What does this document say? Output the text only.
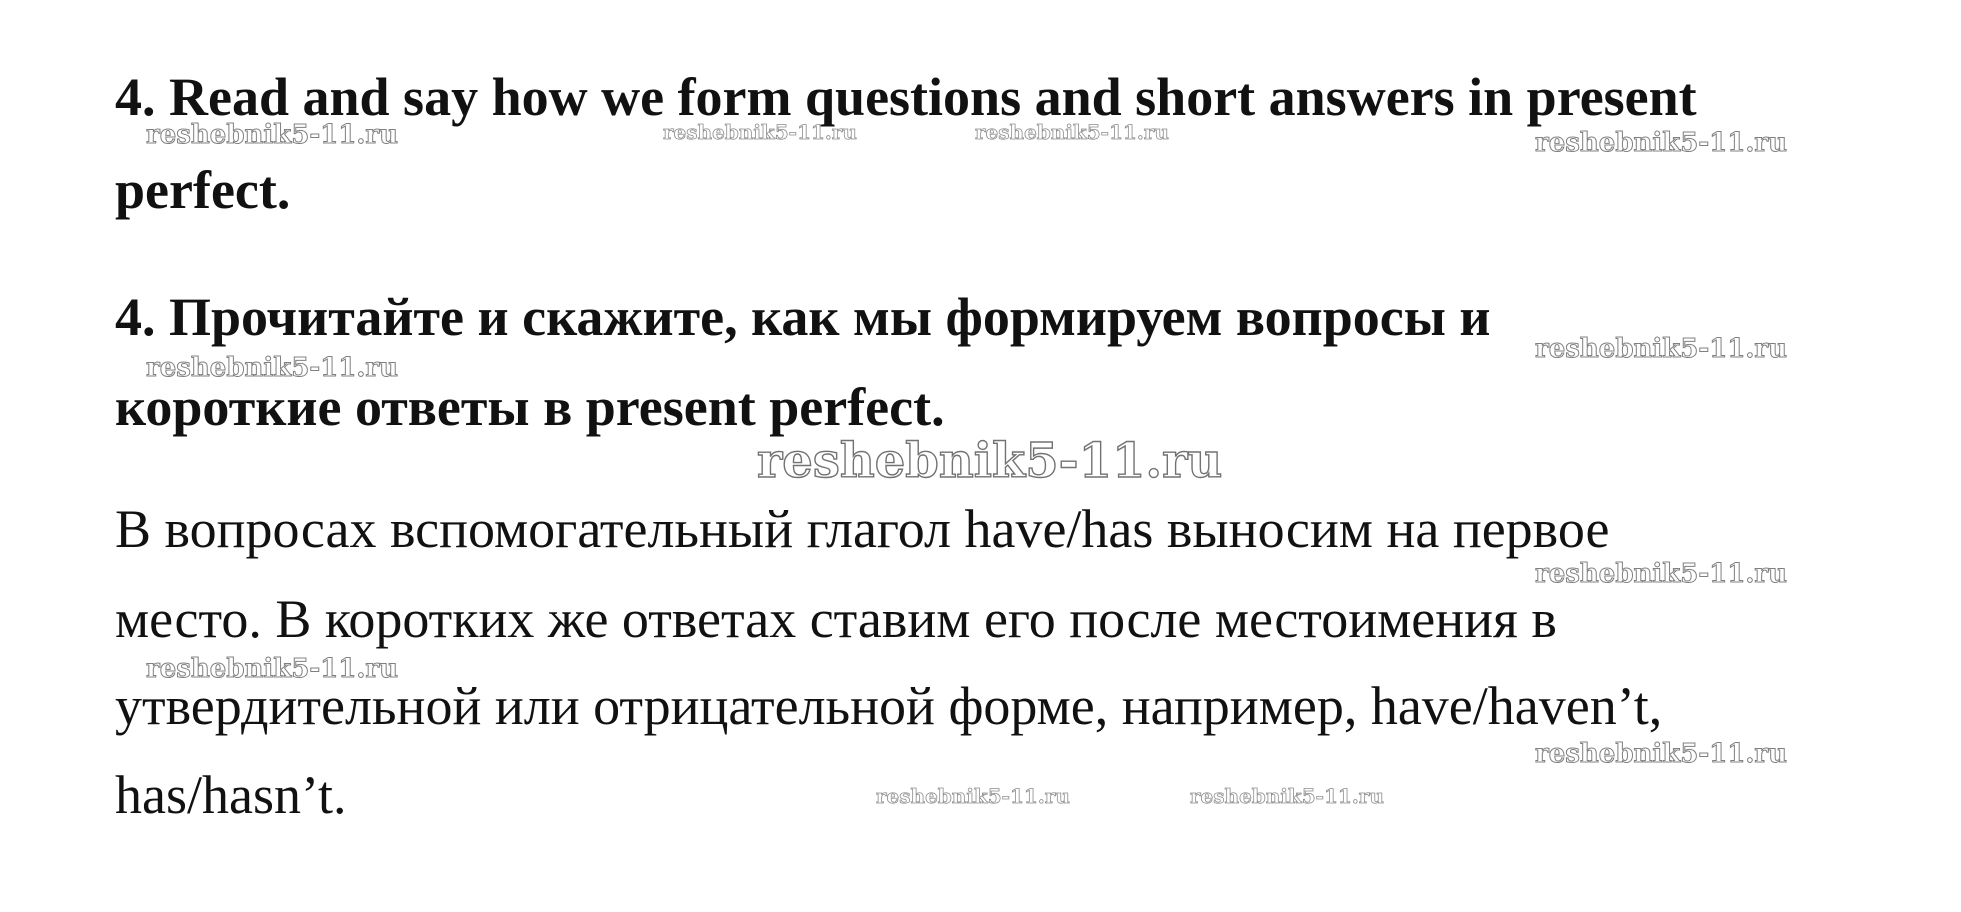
4. Read and say how we form questions and short answers in present
perfect.
4. Прочитайте и скажите, как мы формируем вопросы и
короткие ответы в present perfect.
В вопросах вспомогательный глагол have/has выносим на первое
место. В коротких же ответах ставим его после местоимения в
утвердительной или отрицательной форме, например, have/haven’t,
has/hasn’t.
reshebnik5-11.ru	reshebnik5-11.ru	reshebnik5-11.ru	reshebnik5-11.ru
reshebnik5-11.ru
reshebnik5-11.ru
reshebnik5-11.ru
reshebnik5-11.ru
reshebnik5-11.ru
reshebnik5-11.ru
reshebnik5-11.ru	reshebnik5-11.ru
